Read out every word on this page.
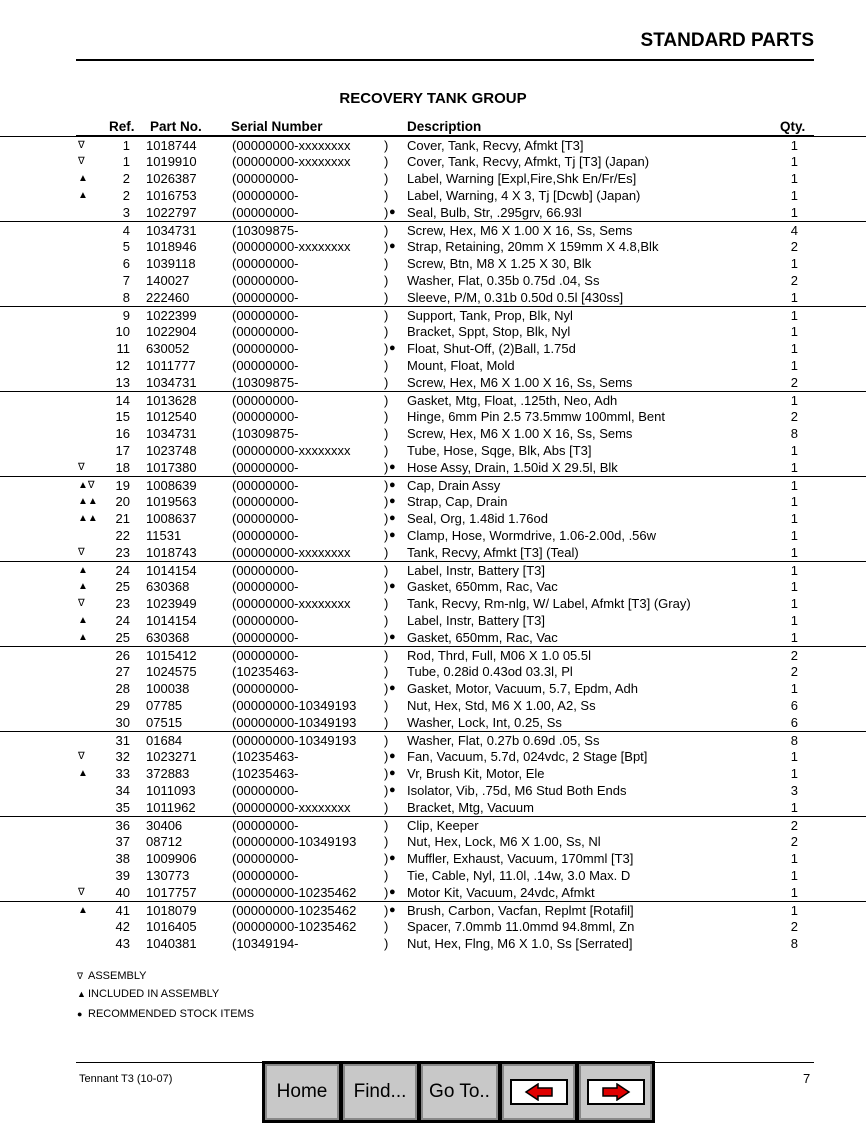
STANDARD PARTS
RECOVERY TANK GROUP
Ref. Part No. Serial Number	Description	Qty.
∇	1 1018744	(00000000-xxxxxxxx	Cover, Tank, Recvy, Afmkt [T3]	1
)
∇	1 1019910	(00000000-xxxxxxxx	Cover, Tank, Recvy, Afmkt, Tj [T3] (Japan)	1
)
▲	2 1026387	(00000000-	Label, Warning [Expl,Fire,Shk En/Fr/Es]	1
)
▲	2 1016753	(00000000-	Label, Warning, 4 X 3, Tj [Dcwb] (Japan)	1
)
3 1022797	(00000000-	● Seal, Bulb, Str, .295grv, 66.93l	1
)
4 1034731	(10309875-	Screw, Hex, M6 X 1.00 X 16, Ss, Sems	4
)
5 1018946	(00000000-xxxxxxxx	● Strap, Retaining, 20mm X 159mm X 4.8,Blk	2
)
6 1039118	(00000000-	Screw, Btn, M8 X 1.25 X 30, Blk	1
)
7 140027	(00000000-	Washer, Flat, 0.35b 0.75d .04, Ss	2
)
8 222460	(00000000-	Sleeve, P/M, 0.31b 0.50d 0.5l [430ss]	1
)
9 1022399	(00000000-	Support, Tank, Prop, Blk, Nyl	1
)
10 1022904	(00000000-	Bracket, Sppt, Stop, Blk, Nyl	1
)
11 630052	(00000000-	● Float, Shut-Off, (2)Ball, 1.75d	1
)
12 1011777	(00000000-	Mount, Float, Mold	1
)
13 1034731	(10309875-	Screw, Hex, M6 X 1.00 X 16, Ss, Sems	2
)
14 1013628	(00000000-	Gasket, Mtg, Float, .125th, Neo, Adh	1
)
15 1012540	(00000000-	Hinge, 6mm Pin 2.5 73.5mmw 100mml, Bent	2
)
16 1034731	(10309875-	Screw, Hex, M6 X 1.00 X 16, Ss, Sems	8
)
17 1023748	(00000000-xxxxxxxx	Tube, Hose, Sqge, Blk, Abs [T3]	1
)
∇	18 1017380	(00000000-	● Hose Assy, Drain, 1.50id X 29.5l, Blk	1
)
▲∇	19 1008639	(00000000-	● Cap, Drain Assy	1
)
▲▲	20 1019563	(00000000-	● Strap, Cap, Drain	1
)
▲▲	21 1008637	(00000000-	● Seal, Org, 1.48id 1.76od	1
)
22 11531	(00000000-	● Clamp, Hose, Wormdrive, 1.06-2.00d, .56w	1
)
∇	23 1018743	(00000000-xxxxxxxx	Tank, Recvy, Afmkt [T3] (Teal)	1
)
▲	24 1014154	(00000000-	Label, Instr, Battery [T3]	1
)
▲	25 630368	(00000000-	● Gasket, 650mm, Rac, Vac	1
)
∇	23 1023949	(00000000-xxxxxxxx	Tank, Recvy, Rm-nlg, W/ Label, Afmkt [T3] (Gray)	1
)
▲	24 1014154	(00000000-	Label, Instr, Battery [T3]	1
)
▲	25 630368	(00000000-	● Gasket, 650mm, Rac, Vac	1
)
26 1015412	(00000000-	Rod, Thrd, Full, M06 X 1.0 05.5l	2
)
27 1024575	(10235463-	Tube, 0.28id 0.43od 03.3l, Pl	2
)
28 100038	(00000000-	● Gasket, Motor, Vacuum, 5.7, Epdm, Adh	1
)
29 07785	(00000000-10349193	Nut, Hex, Std, M6 X 1.00, A2, Ss	6
)
30 07515	(00000000-10349193	Washer, Lock, Int, 0.25, Ss	6
)
31 01684	(00000000-10349193	Washer, Flat, 0.27b 0.69d .05, Ss	8
)
∇	32 1023271	(10235463-	● Fan, Vacuum, 5.7d, 024vdc, 2 Stage [Bpt]	1
)
▲	33 372883	(10235463-	● Vr, Brush Kit, Motor, Ele	1
)
34 1011093	(00000000-	● Isolator, Vib, .75d, M6 Stud Both Ends	3
)
35 1011962	(00000000-xxxxxxxx	Bracket, Mtg, Vacuum	1
)
36 30406	(00000000-	Clip, Keeper	2
)
37 08712	(00000000-10349193	Nut, Hex, Lock, M6 X 1.00, Ss, Nl	2
)
38 1009906	(00000000-	● Muffler, Exhaust, Vacuum, 170mml [T3]	1
)
39 130773	(00000000-	Tie, Cable, Nyl, 11.0l, .14w, 3.0 Max. D	1
)
∇	40 1017757	(00000000-10235462	● Motor Kit, Vacuum, 24vdc, Afmkt	1
)
▲	41 1018079	(00000000-10235462	● Brush, Carbon, Vacfan, Replmt [Rotafil]	1
)
42 1016405	(00000000-10235462	Spacer, 7.0mmb 11.0mmd 94.8mml, Zn	2
)
43 1040381	(10349194-	Nut, Hex, Flng, M6 X 1.0, Ss [Serrated]	8
)
∇ ASSEMBLY
▲ INCLUDED IN ASSEMBLY
● RECOMMENDED STOCK ITEMS
Tennant T3 (10-07)	7
Home	Find...	Go To..
